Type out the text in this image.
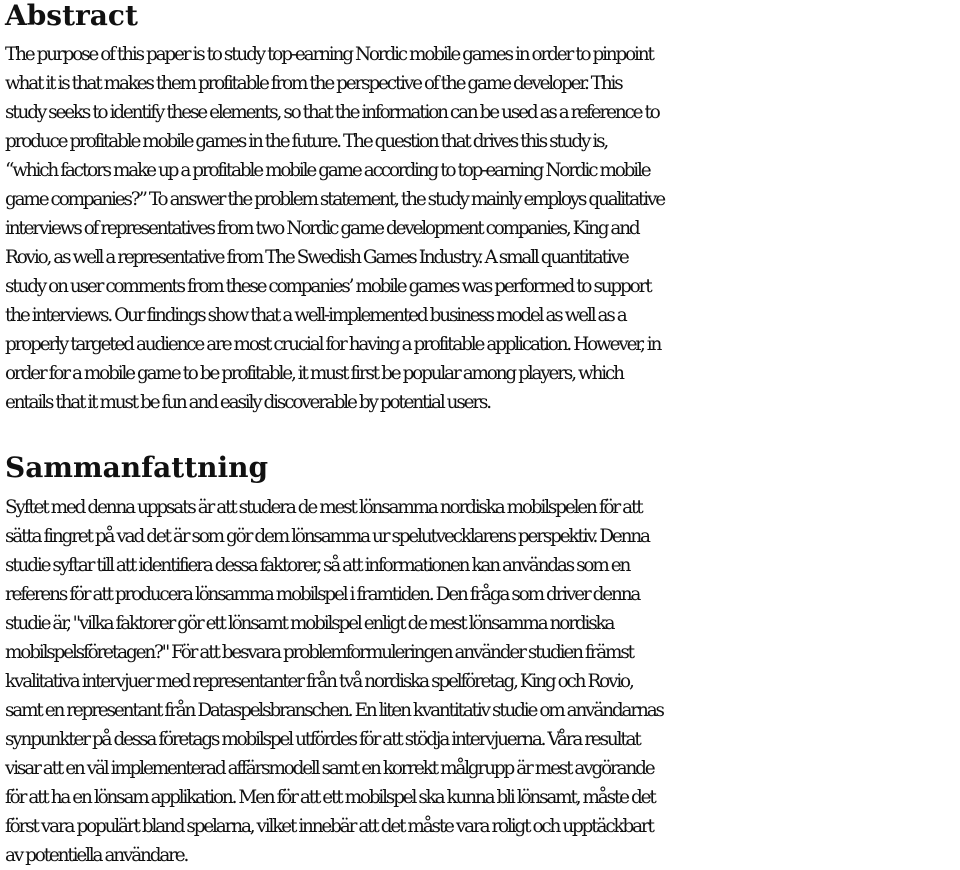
Abstract

The purpose of this paper is to study top-earning Nordic mobile games in order to pinpoint
what it is that makes them profitable from the perspective of the game developer. This
study seeks to identify these elements, so that the information can be used as a reference to
produce profitable mobile games in the future. The question that drives this study is,
“which factors make up a profitable mobile game according to top-earning Nordic mobile
game companies?” To answer the problem statement, the study mainly employs qualitative
interviews of representatives from two Nordic game development companies, King and
Rovio, as well a representative from The Swedish Games Industry. A small quantitative
study on user comments from these companies’ mobile games was performed to support
the interviews. Our findings show that a well-implemented business model as well as a
properly targeted audience are most crucial for having a profitable application. However, in
order for a mobile game to be profitable, it must first be popular among players, which
entails that it must be fun and easily discoverable by potential users.

Sammanfattning

Syftet med denna uppsats är att studera de mest lönsamma nordiska mobilspelen för att
sätta fingret på vad det är som gör dem lönsamma ur spelutvecklarens perspektiv. Denna
studie syftar till att identifiera dessa faktorer, så att informationen kan användas som en
referens för att producera lönsamma mobilspel i framtiden. Den fråga som driver denna
studie är, "vilka faktorer gör ett lönsamt mobilspel enligt de mest lönsamma nordiska
mobilspelsföretagen?" För att besvara problemformuleringen använder studien främst
kvalitativa intervjuer med representanter från två nordiska spelföretag, King och Rovio,
samt en representant från Dataspelsbranschen. En liten kvantitativ studie om användarnas
synpunkter på dessa företags mobilspel utfördes för att stödja intervjuerna. Våra resultat
visar att en väl implementerad affärsmodell samt en korrekt målgrupp är mest avgörande
för att ha en lönsam applikation. Men för att ett mobilspel ska kunna bli lönsamt, måste det
först vara populärt bland spelarna, vilket innebär att det måste vara roligt och upptäckbart
av potentiella användare.
